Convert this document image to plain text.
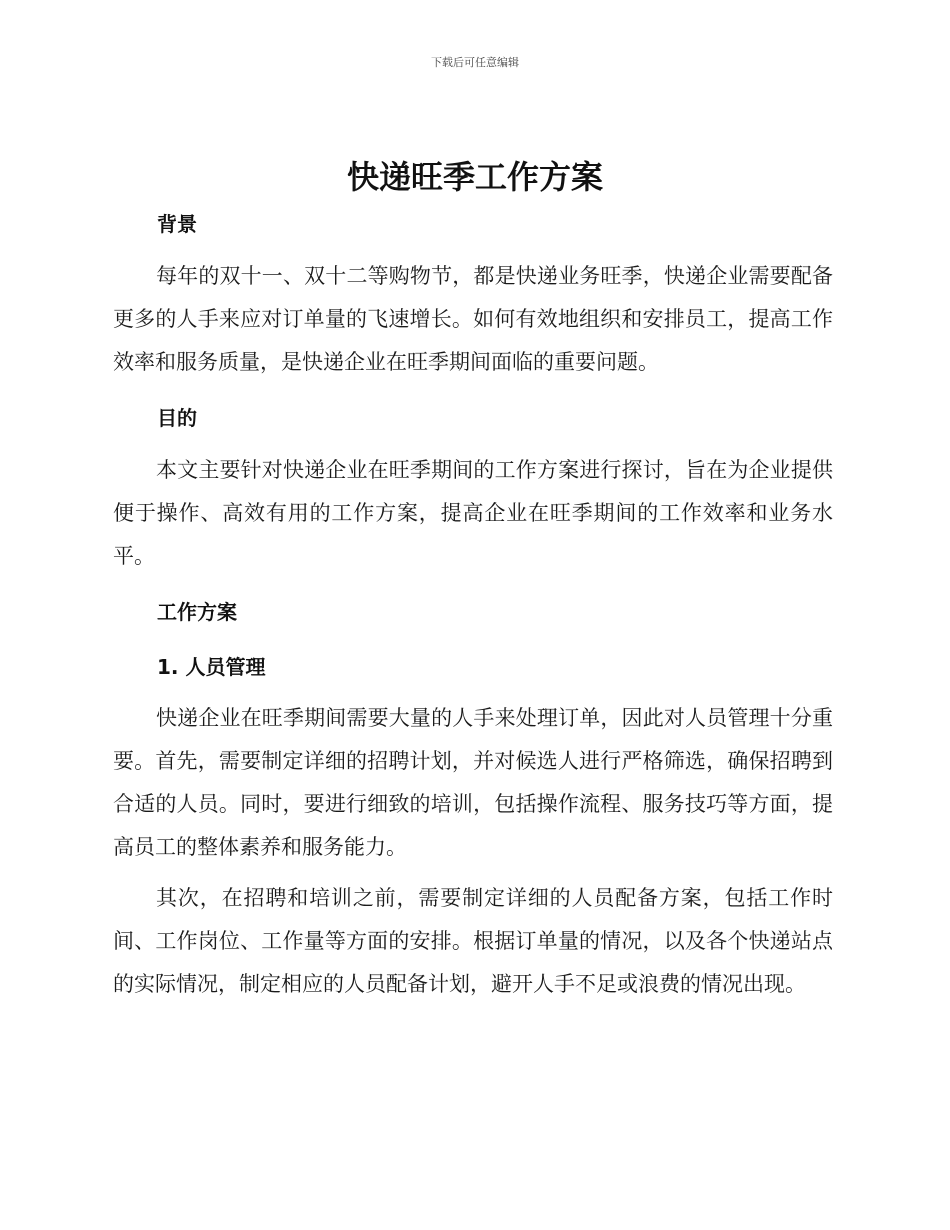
下载后可任意编辑
快递旺季工作方案
背景

每年的双十一、双十二等购物节，都是快递业务旺季，快递企业需要配备更多的人手来应对订单量的飞速增长。如何有效地组织和安排员工，提高工作效率和服务质量，是快递企业在旺季期间面临的重要问题。

目的

本文主要针对快递企业在旺季期间的工作方案进行探讨，旨在为企业提供便于操作、高效有用的工作方案，提高企业在旺季期间的工作效率和业务水平。

工作方案
1. 人员管理

快递企业在旺季期间需要大量的人手来处理订单，因此对人员管理十分重要。首先，需要制定详细的招聘计划，并对候选人进行严格筛选，确保招聘到合适的人员。同时，要进行细致的培训，包括操作流程、服务技巧等方面，提高员工的整体素养和服务能力。

其次，在招聘和培训之前，需要制定详细的人员配备方案，包括工作时间、工作岗位、工作量等方面的安排。根据订单量的情况，以及各个快递站点的实际情况，制定相应的人员配备计划，避开人手不足或浪费的情况出现。
